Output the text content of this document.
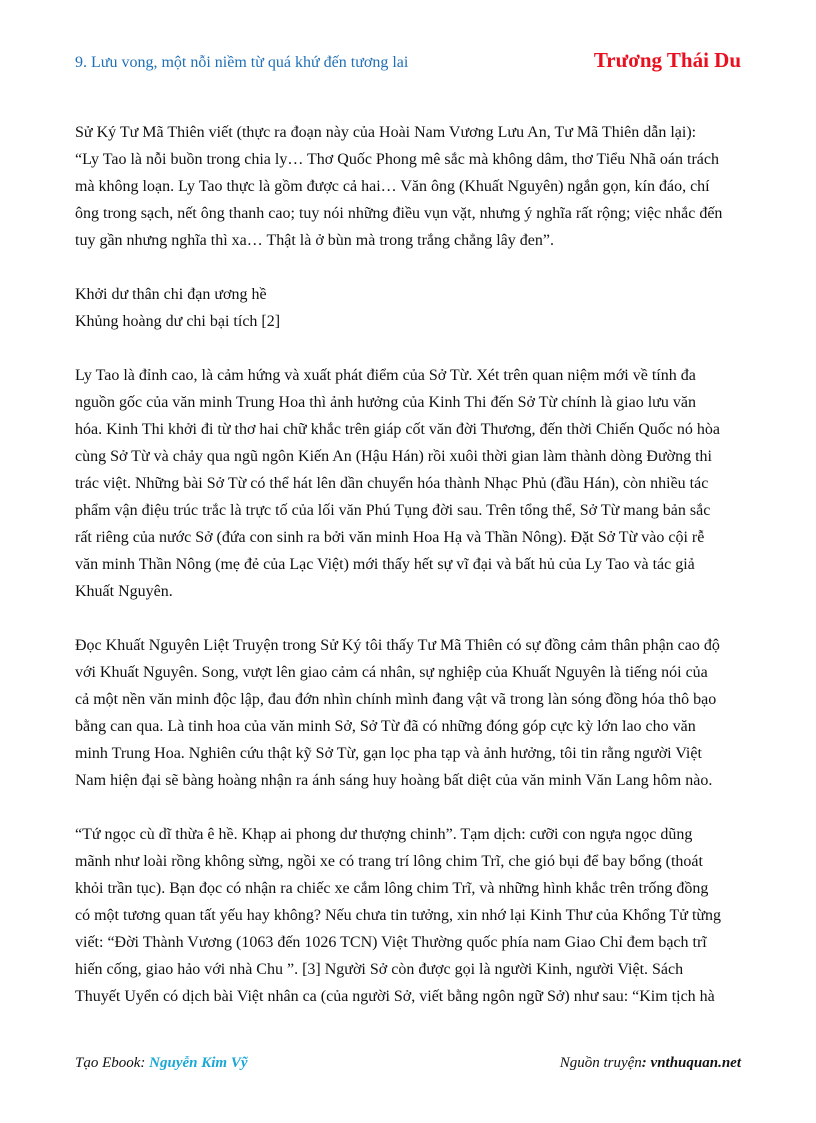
9. Lưu vong, một nỗi niềm từ quá khứ đến tương lai	Trương Thái Du

Sử Ký Tư Mã Thiên viết (thực ra đoạn này của Hoài Nam Vương Lưu An, Tư Mã Thiên dẫn lại):
“Ly Tao là nỗi buồn trong chia ly… Thơ Quốc Phong mê sắc mà không dâm, thơ Tiểu Nhã oán trách
mà không loạn. Ly Tao thực là gồm được cả hai… Văn ông (Khuất Nguyên) ngắn gọn, kín đáo, chí
ông trong sạch, nết ông thanh cao; tuy nói những điều vụn vặt, nhưng ý nghĩa rất rộng; việc nhắc đến
tuy gần nhưng nghĩa thì xa… Thật là ở bùn mà trong trắng chẳng lây đen”.

Khởi dư thân chi đạn ương hề
Khủng hoàng dư chi bại tích [2]

Ly Tao là đỉnh cao, là cảm hứng và xuất phát điểm của Sở Từ. Xét trên quan niệm mới về tính đa
nguồn gốc của văn minh Trung Hoa thì ảnh hưởng của Kinh Thi đến Sở Từ chính là giao lưu văn
hóa. Kinh Thi khởi đi từ thơ hai chữ khắc trên giáp cốt văn đời Thương, đến thời Chiến Quốc nó hòa
cùng Sở Từ và chảy qua ngũ ngôn Kiến An (Hậu Hán) rồi xuôi thời gian làm thành dòng Đường thi
trác việt. Những bài Sở Từ có thể hát lên dần chuyển hóa thành Nhạc Phủ (đầu Hán), còn nhiều tác
phẩm vận điệu trúc trắc là trực tố của lối văn Phú Tụng đời sau. Trên tổng thể, Sở Từ mang bản sắc
rất riêng của nước Sở (đứa con sinh ra bởi văn minh Hoa Hạ và Thần Nông). Đặt Sở Từ vào cội rễ
văn minh Thần Nông (mẹ đẻ của Lạc Việt) mới thấy hết sự vĩ đại và bất hủ của Ly Tao và tác giả
Khuất Nguyên.

Đọc Khuất Nguyên Liệt Truyện trong Sử Ký tôi thấy Tư Mã Thiên có sự đồng cảm thân phận cao độ
với Khuất Nguyên. Song, vượt lên giao cảm cá nhân, sự nghiệp của Khuất Nguyên là tiếng nói của
cả một nền văn minh độc lập, đau đớn nhìn chính mình đang vật vã trong làn sóng đồng hóa thô bạo
bằng can qua. Là tinh hoa của văn minh Sở, Sở Từ đã có những đóng góp cực kỳ lớn lao cho văn
minh Trung Hoa. Nghiên cứu thật kỹ Sở Từ, gạn lọc pha tạp và ảnh hưởng, tôi tin rằng người Việt
Nam hiện đại sẽ bàng hoàng nhận ra ánh sáng huy hoàng bất diệt của văn minh Văn Lang hôm nào.

“Tứ ngọc cù dĩ thừa ê hề. Khạp ai phong dư thượng chinh”. Tạm dịch: cưỡi con ngựa ngọc dũng
mãnh như loài rồng không sừng, ngồi xe có trang trí lông chim Trĩ, che gió bụi để bay bổng (thoát
khỏi trần tục). Bạn đọc có nhận ra chiếc xe cắm lông chim Trĩ, và những hình khắc trên trống đồng
có một tương quan tất yếu hay không? Nếu chưa tin tưởng, xin nhớ lại Kinh Thư của Khổng Tử từng
viết: “Đời Thành Vương (1063 đến 1026 TCN) Việt Thường quốc phía nam Giao Chỉ đem bạch trĩ
hiến cống, giao hảo với nhà Chu ”. [3] Người Sở còn được gọi là người Kinh, người Việt. Sách
Thuyết Uyển có dịch bài Việt nhân ca (của người Sở, viết bằng ngôn ngữ Sở) như sau: “Kim tịch hà

Tạo Ebook: Nguyễn Kim Vỹ	Nguồn truyện: vnthuquan.net
